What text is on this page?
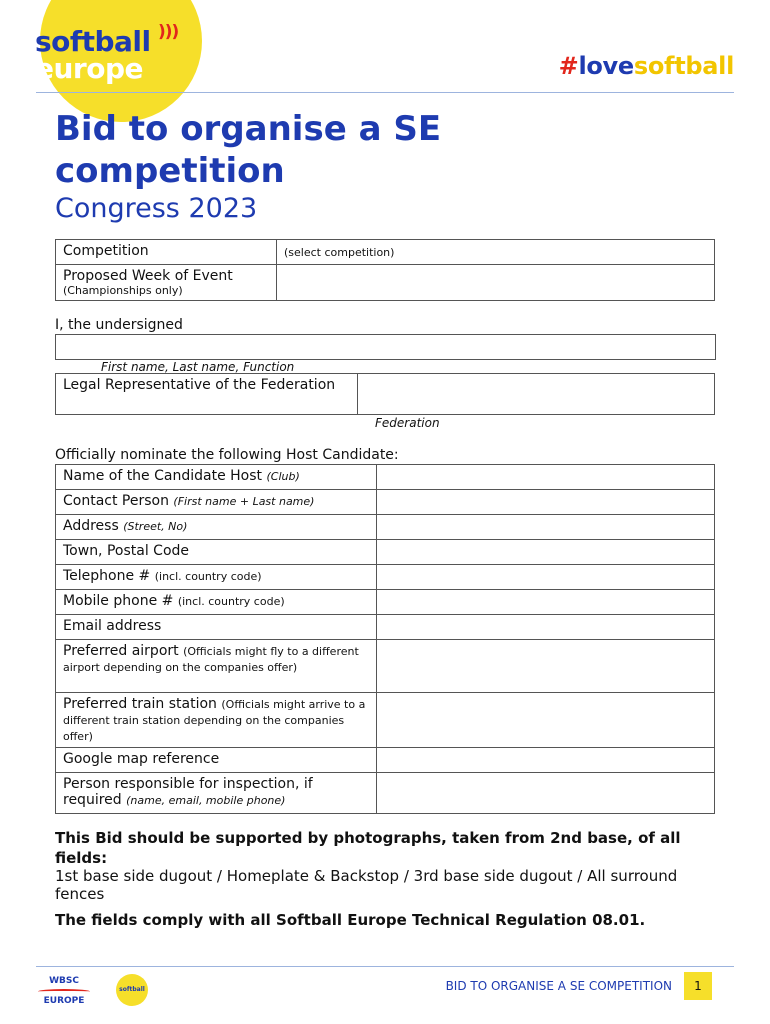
softball
europe
)))
#lovesoftball
Bid to organise a SE competition
Congress 2023
Competition	(select competition)

Proposed Week of Event
(Championships only)	

I, the undersigned
First name, Last name, Function
Legal Representative of the Federation	
Federation
Officially nominate the following Host Candidate:
Name of the Candidate Host (Club)	
Contact Person (First name + Last name)	
Address (Street, No)	
Town, Postal Code	
Telephone # (incl. country code)	
Mobile phone # (incl. country code)	
Email address	
Preferred airport (Officials might fly to a different airport depending on the companies offer)	
Preferred train station (Officials might arrive to a different train station depending on the companies offer)	
Google map reference	
Person responsible for inspection, if required (name, email, mobile phone)	
This Bid should be supported by photographs, taken from 2nd base, of all fields:
1st base side dugout / Homeplate & Backstop / 3rd base side dugout / All surround fences
The fields comply with all Softball Europe Technical Regulation 08.01.
WBSC
EUROPE
softball	BID TO ORGANISE A SE COMPETITION	1
